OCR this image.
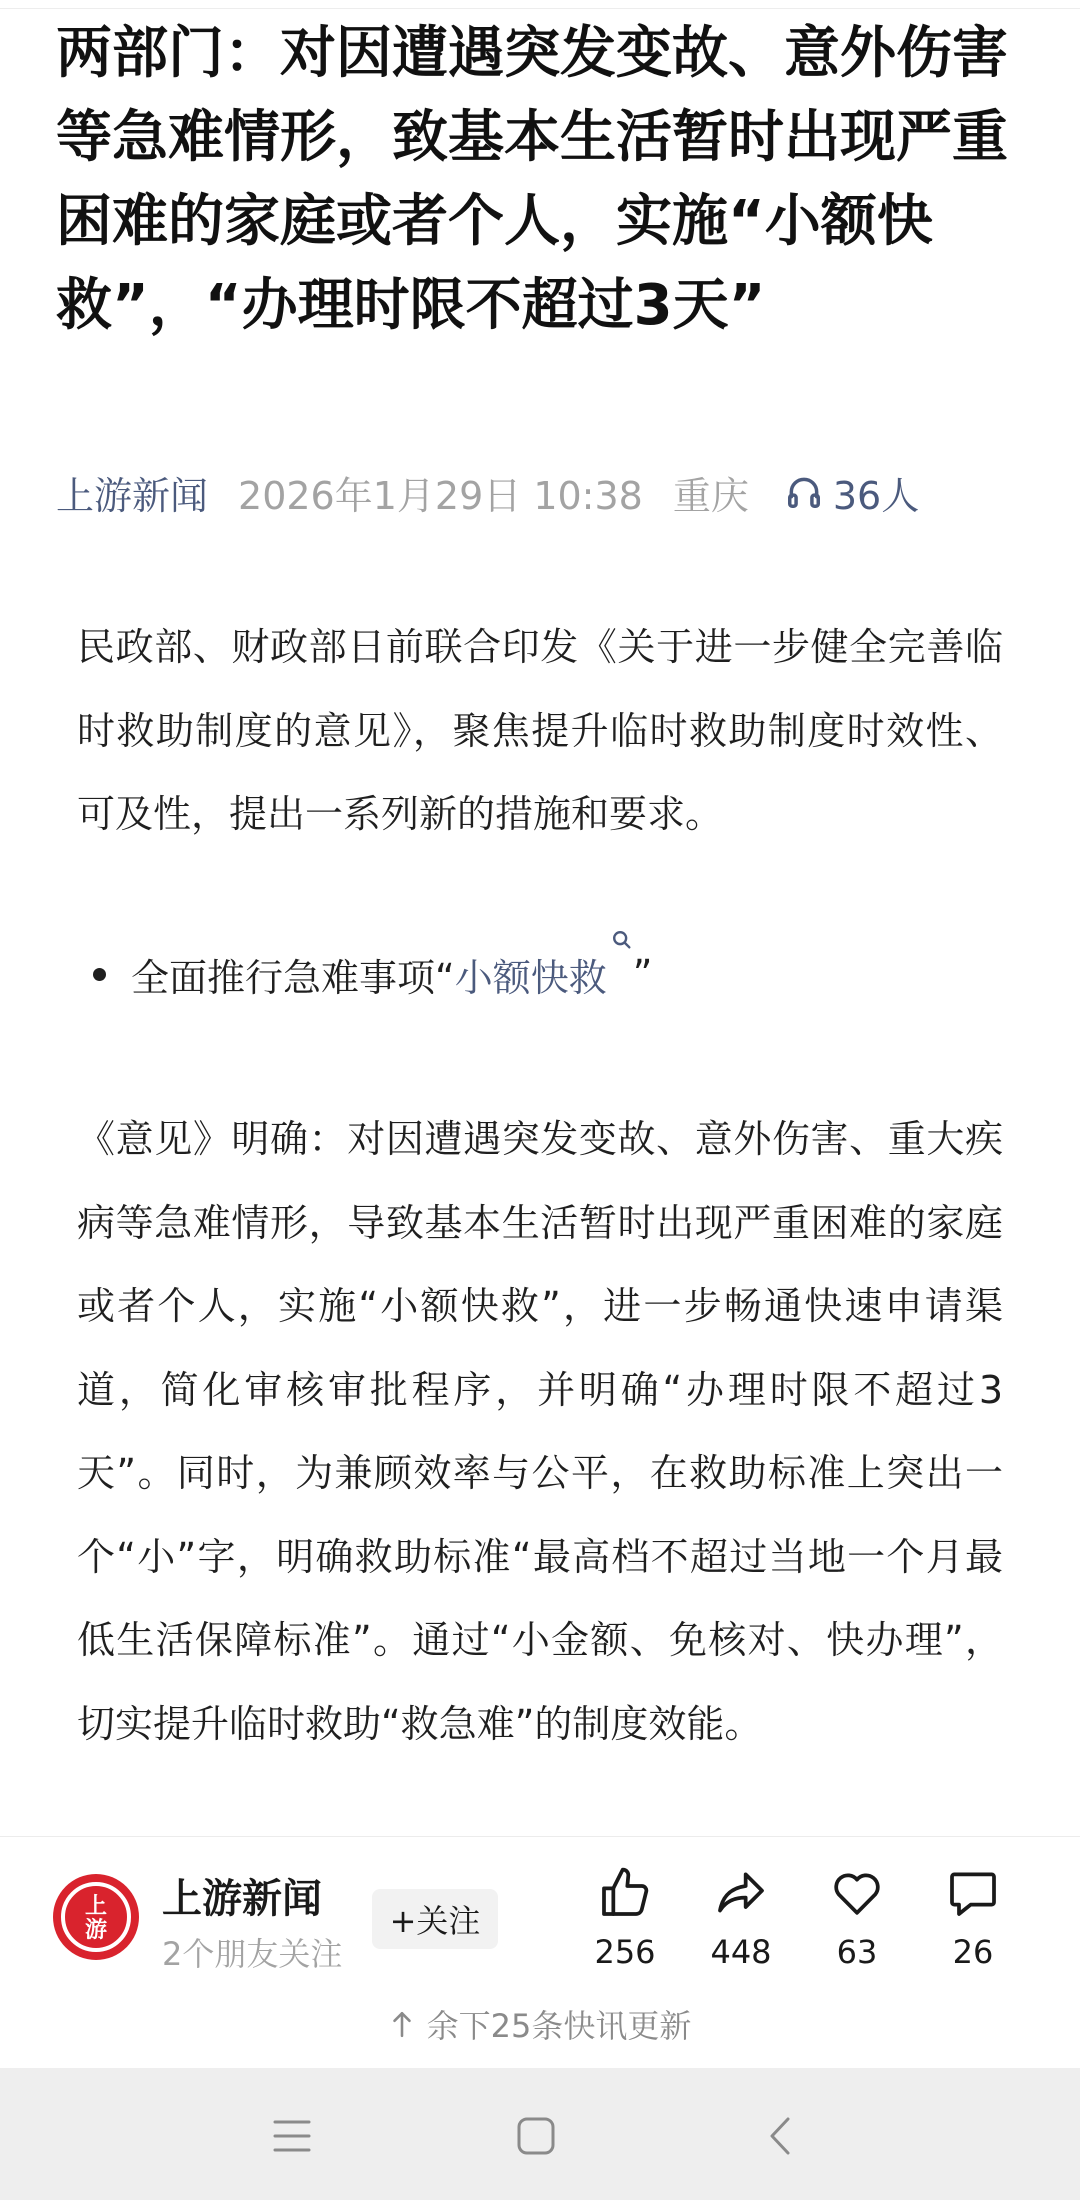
两部门：对因遭遇突发变故、意外伤害等急难情形，致基本生活暂时出现严重困难的家庭或者个人，实施“小额快救”，“办理时限不超过3天”
上游新闻 2026年1月29日 10:38 重庆 36人

民政部、财政部日前联合印发《关于进一步健全完善临时救助制度的意见》，聚焦提升临时救助制度时效性、可及性，提出一系列新的措施和要求。

全面推行急难事项“ 小额快救 ”

《意见》明确：对因遭遇突发变故、意外伤害、重大疾病等急难情形，导致基本生活暂时出现严重困难的家庭或者个人，实施“小额快救”，进一步畅通快速申请渠道，简化审核审批程序，并明确“办理时限不超过3天”。同时，为兼顾效率与公平，在救助标准上突出一个“小”字，明确救助标准“最高档不超过当地一个月最低生活保障标准”。通过“小金额、免核对、快办理”，切实提升临时救助“救急难”的制度效能。

上
游
上游新闻
2个朋友关注
+关注
256 448 63 26
余下25条快讯更新
